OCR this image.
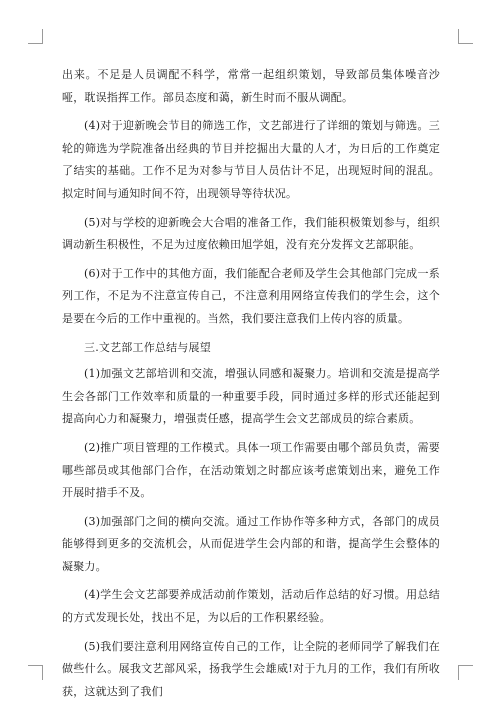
出来。不足是人员调配不科学，常常一起组织策划，导致部员集体噪音沙哑，耽误指挥工作。部员态度和蔼，新生时而不服从调配。

(4)对于迎新晚会节目的筛选工作，文艺部进行了详细的策划与筛选。三轮的筛选为学院准备出经典的节目并挖掘出大量的人才，为日后的工作奠定了结实的基础。工作不足为对参与节目人员估计不足，出现短时间的混乱。拟定时间与通知时间不符，出现领导等待状况。

(5)对与学校的迎新晚会大合唱的准备工作，我们能积极策划参与，组织调动新生积极性，不足为过度依赖田旭学姐，没有充分发挥文艺部职能。

(6)对于工作中的其他方面，我们能配合老师及学生会其他部门完成一系列工作，不足为不注意宣传自己，不注意利用网络宣传我们的学生会，这个是要在今后的工作中重视的。当然，我们要注意我们上传内容的质量。

三.文艺部工作总结与展望

(1)加强文艺部培训和交流，增强认同感和凝聚力。培训和交流是提高学生会各部门工作效率和质量的一种重要手段，同时通过多样的形式还能起到提高向心力和凝聚力，增强责任感，提高学生会文艺部成员的综合素质。

(2)推广项目管理的工作模式。具体一项工作需要由哪个部员负责，需要哪些部员或其他部门合作，在活动策划之时都应该考虑策划出来，避免工作开展时措手不及。

(3)加强部门之间的横向交流。通过工作协作等多种方式，各部门的成员能够得到更多的交流机会，从而促进学生会内部的和谐，提高学生会整体的凝聚力。

(4)学生会文艺部要养成活动前作策划，活动后作总结的好习惯。用总结的方式发现长处，找出不足，为以后的工作积累经验。

(5)我们要注意利用网络宣传自己的工作，让全院的老师同学了解我们在做些什么。展我文艺部风采，扬我学生会雄威!对于九月的工作，我们有所收获，这就达到了我们
